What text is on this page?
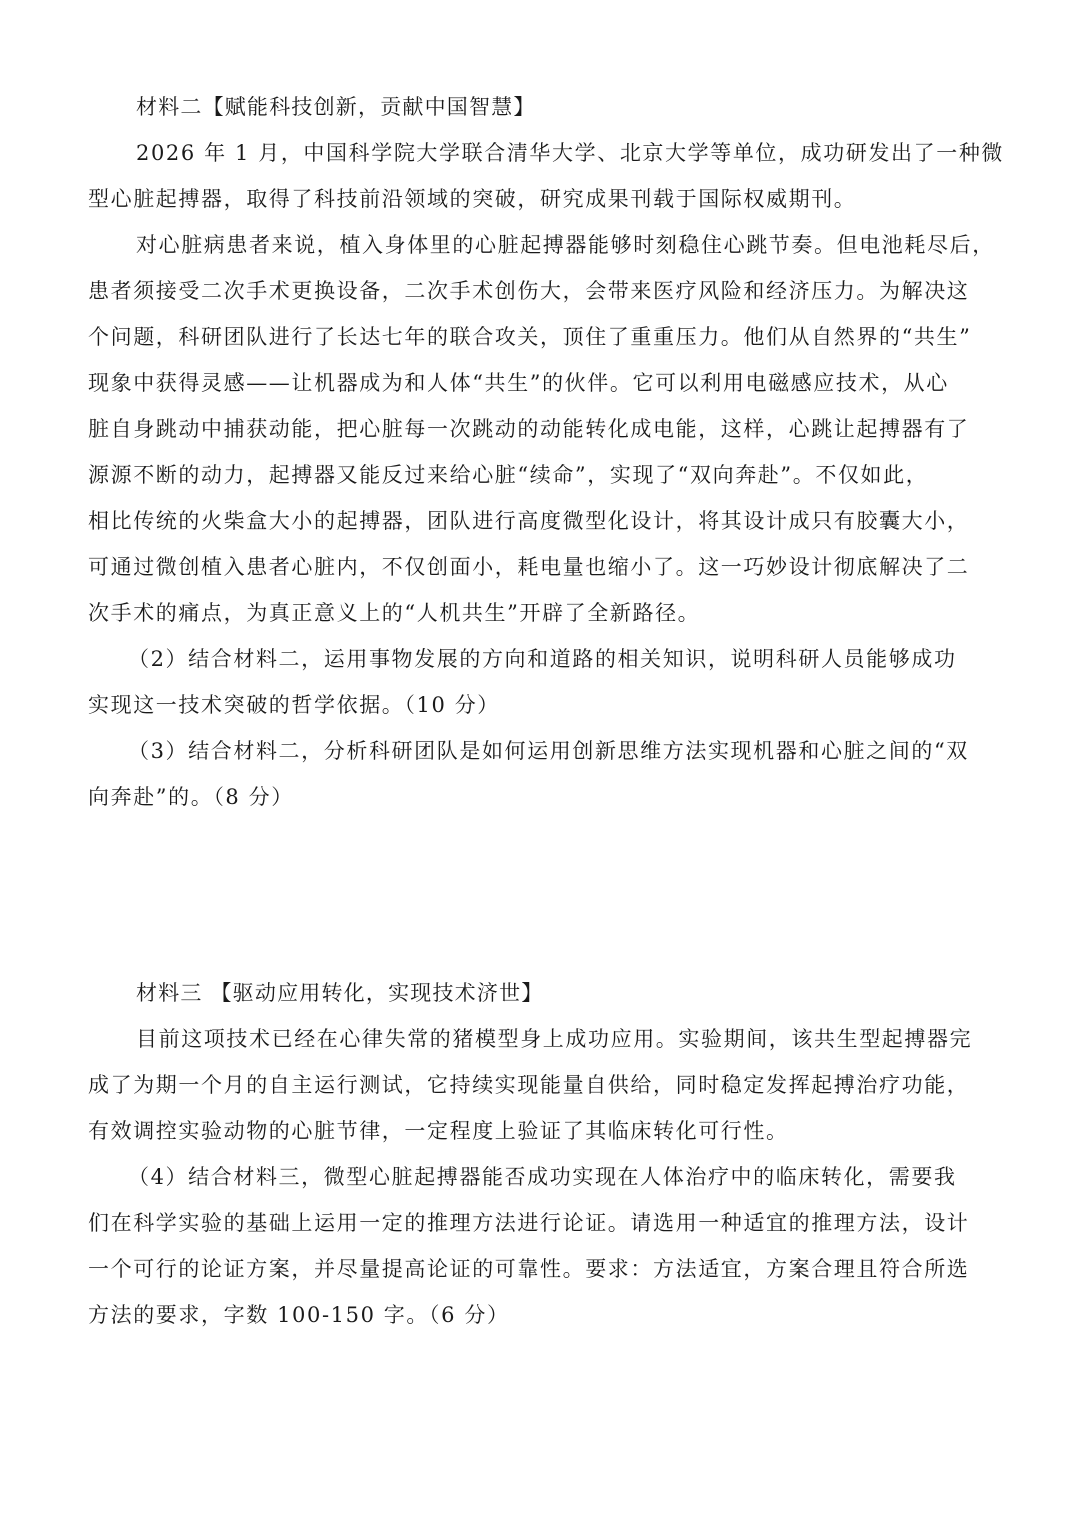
材料二【赋能科技创新，贡献中国智慧】
2026 年 1 月，中国科学院大学联合清华大学、北京大学等单位，成功研发出了一种微
型心脏起搏器，取得了科技前沿领域的突破，研究成果刊载于国际权威期刊。
对心脏病患者来说，植入身体里的心脏起搏器能够时刻稳住心跳节奏。但电池耗尽后，
患者须接受二次手术更换设备，二次手术创伤大，会带来医疗风险和经济压力。为解决这
个问题，科研团队进行了长达七年的联合攻关，顶住了重重压力。他们从自然界的“共生”
现象中获得灵感——让机器成为和人体“共生”的伙伴。它可以利用电磁感应技术，从心
脏自身跳动中捕获动能，把心脏每一次跳动的动能转化成电能，这样，心跳让起搏器有了
源源不断的动力，起搏器又能反过来给心脏“续命”，实现了“双向奔赴”。不仅如此，
相比传统的火柴盒大小的起搏器，团队进行高度微型化设计，将其设计成只有胶囊大小，
可通过微创植入患者心脏内，不仅创面小，耗电量也缩小了。这一巧妙设计彻底解决了二
次手术的痛点，为真正意义上的“人机共生”开辟了全新路径。
（2）结合材料二，运用事物发展的方向和道路的相关知识，说明科研人员能够成功
实现这一技术突破的哲学依据。（10 分）
（3）结合材料二，分析科研团队是如何运用创新思维方法实现机器和心脏之间的“双
向奔赴”的。（8 分）
材料三 【驱动应用转化，实现技术济世】
目前这项技术已经在心律失常的猪模型身上成功应用。实验期间，该共生型起搏器完
成了为期一个月的自主运行测试，它持续实现能量自供给，同时稳定发挥起搏治疗功能，
有效调控实验动物的心脏节律，一定程度上验证了其临床转化可行性。
（4）结合材料三，微型心脏起搏器能否成功实现在人体治疗中的临床转化，需要我
们在科学实验的基础上运用一定的推理方法进行论证。请选用一种适宜的推理方法，设计
一个可行的论证方案，并尽量提高论证的可靠性。要求：方法适宜，方案合理且符合所选
方法的要求，字数 100-150 字。（6 分）
